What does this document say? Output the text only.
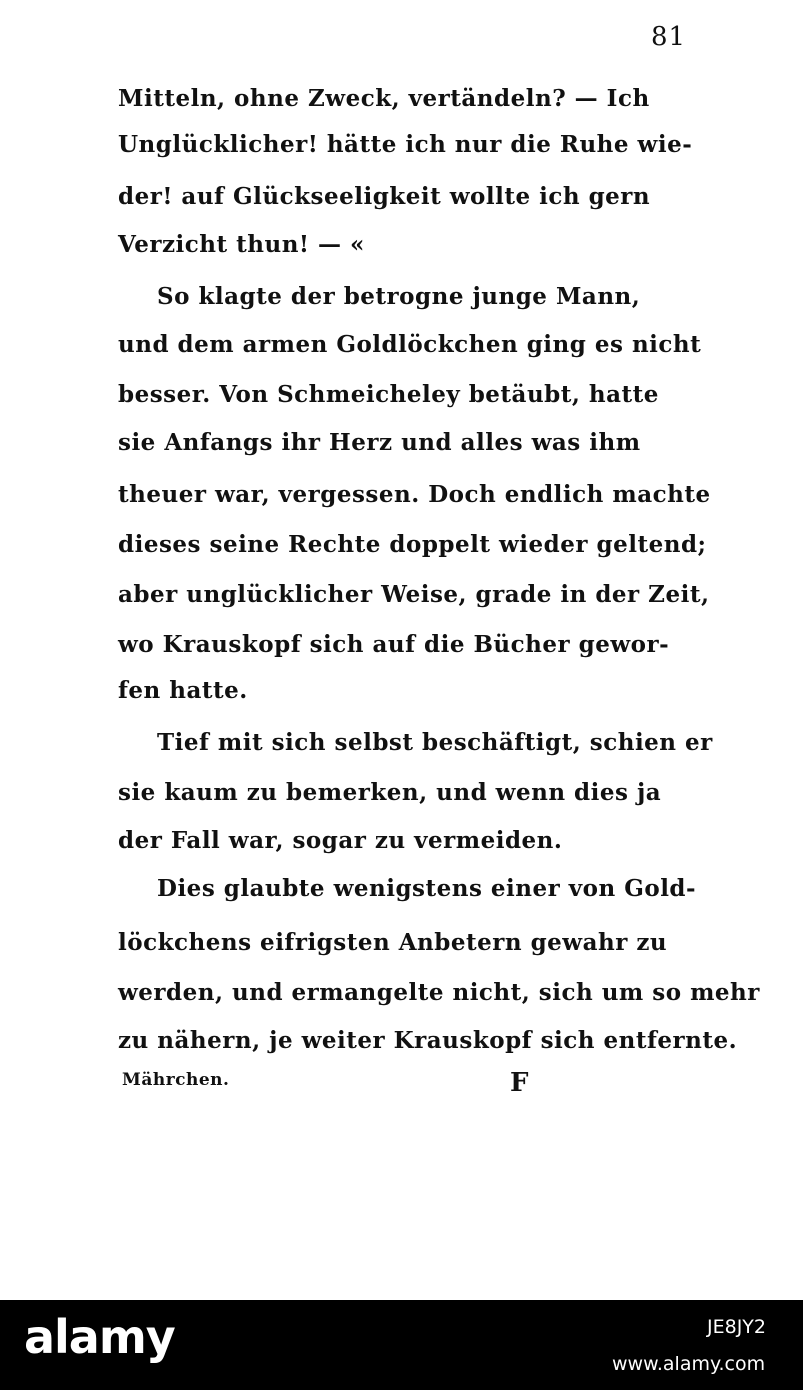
81
Mitteln, ohne Zweck, vertändeln? — Ich
Unglücklicher! hätte ich nur die Ruhe wie-
der! auf Glückseeligkeit wollte ich gern
Verzicht thun! — «
So klagte der betrogne junge Mann,
und dem armen Goldlöckchen ging es nicht
besser. Von Schmeicheley betäubt, hatte
sie Anfangs ihr Herz und alles was ihm
theuer war, vergessen. Doch endlich machte
dieses seine Rechte doppelt wieder geltend;
aber unglücklicher Weise, grade in der Zeit,
wo Krauskopf sich auf die Bücher gewor-
fen hatte.
Tief mit sich selbst beschäftigt, schien er
sie kaum zu bemerken, und wenn dies ja
der Fall war, sogar zu vermeiden.
Dies glaubte wenigstens einer von Gold-
löckchens eifrigsten Anbetern gewahr zu
werden, und ermangelte nicht, sich um so mehr
zu nähern, je weiter Krauskopf sich entfernte.
Mährchen.	F
alamy	JE8JY2
www.alamy.com
